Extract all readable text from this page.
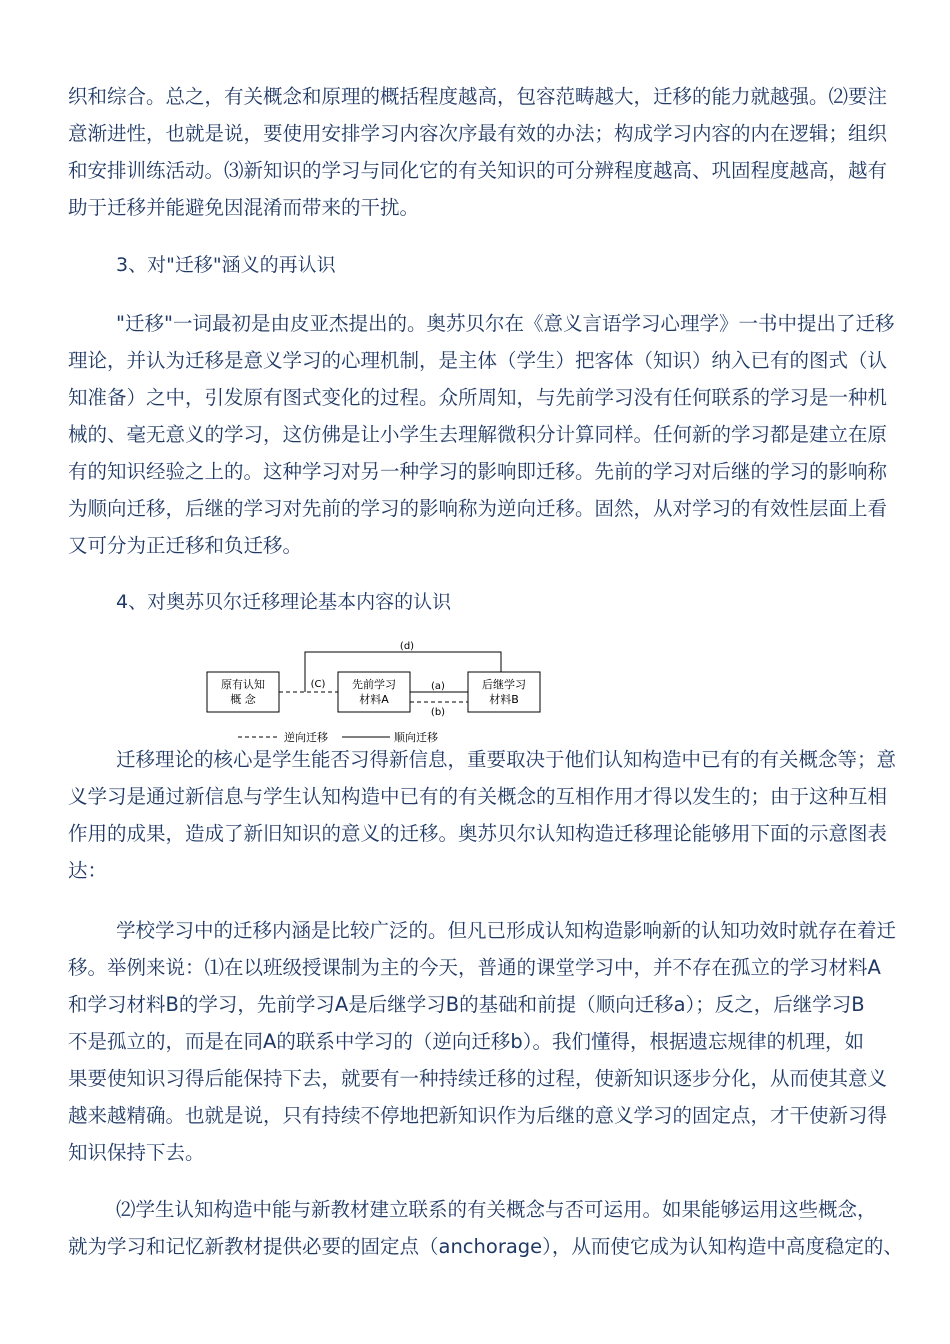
织和综合。总之，有关概念和原理的概括程度越高，包容范畴越大，迁移的能力就越强。⑵要注
意渐进性，也就是说，要使用安排学习内容次序最有效的办法；构成学习内容的内在逻辑；组织
和安排训练活动。⑶新知识的学习与同化它的有关知识的可分辨程度越高、巩固程度越高，越有
助于迁移并能避免因混淆而带来的干扰。
3、对"迁移"涵义的再认识
"迁移"一词最初是由皮亚杰提出的。奥苏贝尔在《意义言语学习心理学》一书中提出了迁移
理论，并认为迁移是意义学习的心理机制，是主体（学生）把客体（知识）纳入已有的图式（认
知准备）之中，引发原有图式变化的过程。众所周知，与先前学习没有任何联系的学习是一种机
械的、毫无意义的学习，这仿佛是让小学生去理解微积分计算同样。任何新的学习都是建立在原
有的知识经验之上的。这种学习对另一种学习的影响即迁移。先前的学习对后继的学习的影响称
为顺向迁移，后继的学习对先前的学习的影响称为逆向迁移。固然，从对学习的有效性层面上看
又可分为正迁移和负迁移。
4、对奥苏贝尔迁移理论基本内容的认识
原有认知
概 念
先前学习
材料A
后继学习
材料B
(d)
(C)	(a)
(b)
逆向迁移	顺向迁移
迁移理论的核心是学生能否习得新信息，重要取决于他们认知构造中已有的有关概念等；意
义学习是通过新信息与学生认知构造中已有的有关概念的互相作用才得以发生的；由于这种互相
作用的成果，造成了新旧知识的意义的迁移。奥苏贝尔认知构造迁移理论能够用下面的示意图表
达：
学校学习中的迁移内涵是比较广泛的。但凡已形成认知构造影响新的认知功效时就存在着迁
移。举例来说：⑴在以班级授课制为主的今天，普通的课堂学习中，并不存在孤立的学习材料A
和学习材料B的学习，先前学习A是后继学习B的基础和前提（顺向迁移a）；反之，后继学习B
不是孤立的，而是在同A的联系中学习的（逆向迁移b）。我们懂得，根据遗忘规律的机理，如
果要使知识习得后能保持下去，就要有一种持续迁移的过程，使新知识逐步分化，从而使其意义
越来越精确。也就是说，只有持续不停地把新知识作为后继的意义学习的固定点，才干使新习得
知识保持下去。
⑵学生认知构造中能与新教材建立联系的有关概念与否可运用。如果能够运用这些概念，
就为学习和记忆新教材提供必要的固定点（anchorage），从而使它成为认知构造中高度稳定的、
